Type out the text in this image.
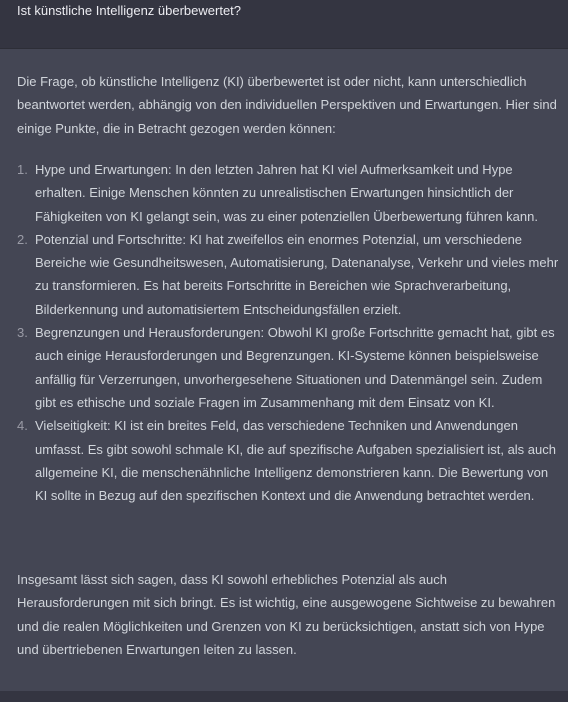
Ist künstliche Intelligenz überbewertet?

Die Frage, ob künstliche Intelligenz (KI) überbewertet ist oder nicht, kann unterschiedlich beantwortet werden, abhängig von den individuellen Perspektiven und Erwartungen. Hier sind einige Punkte, die in Betracht gezogen werden können:

1. Hype und Erwartungen: In den letzten Jahren hat KI viel Aufmerksamkeit und Hype erhalten. Einige Menschen könnten zu unrealistischen Erwartungen hinsichtlich der Fähigkeiten von KI gelangt sein, was zu einer potenziellen Überbewertung führen kann.
2. Potenzial und Fortschritte: KI hat zweifellos ein enormes Potenzial, um verschiedene Bereiche wie Gesundheitswesen, Automatisierung, Datenanalyse, Verkehr und vieles mehr zu transformieren. Es hat bereits Fortschritte in Bereichen wie Sprachverarbeitung, Bilderkennung und automatisiertem Entscheidungsfällen erzielt.
3. Begrenzungen und Herausforderungen: Obwohl KI große Fortschritte gemacht hat, gibt es auch einige Herausforderungen und Begrenzungen. KI-Systeme können beispielsweise anfällig für Verzerrungen, unvorhergesehene Situationen und Datenmängel sein. Zudem gibt es ethische und soziale Fragen im Zusammenhang mit dem Einsatz von KI.
4. Vielseitigkeit: KI ist ein breites Feld, das verschiedene Techniken und Anwendungen umfasst. Es gibt sowohl schmale KI, die auf spezifische Aufgaben spezialisiert ist, als auch allgemeine KI, die menschenähnliche Intelligenz demonstrieren kann. Die Bewertung von KI sollte in Bezug auf den spezifischen Kontext und die Anwendung betrachtet werden.

Insgesamt lässt sich sagen, dass KI sowohl erhebliches Potenzial als auch Herausforderungen mit sich bringt. Es ist wichtig, eine ausgewogene Sichtweise zu bewahren und die realen Möglichkeiten und Grenzen von KI zu berücksichtigen, anstatt sich von Hype und übertriebenen Erwartungen leiten zu lassen.
